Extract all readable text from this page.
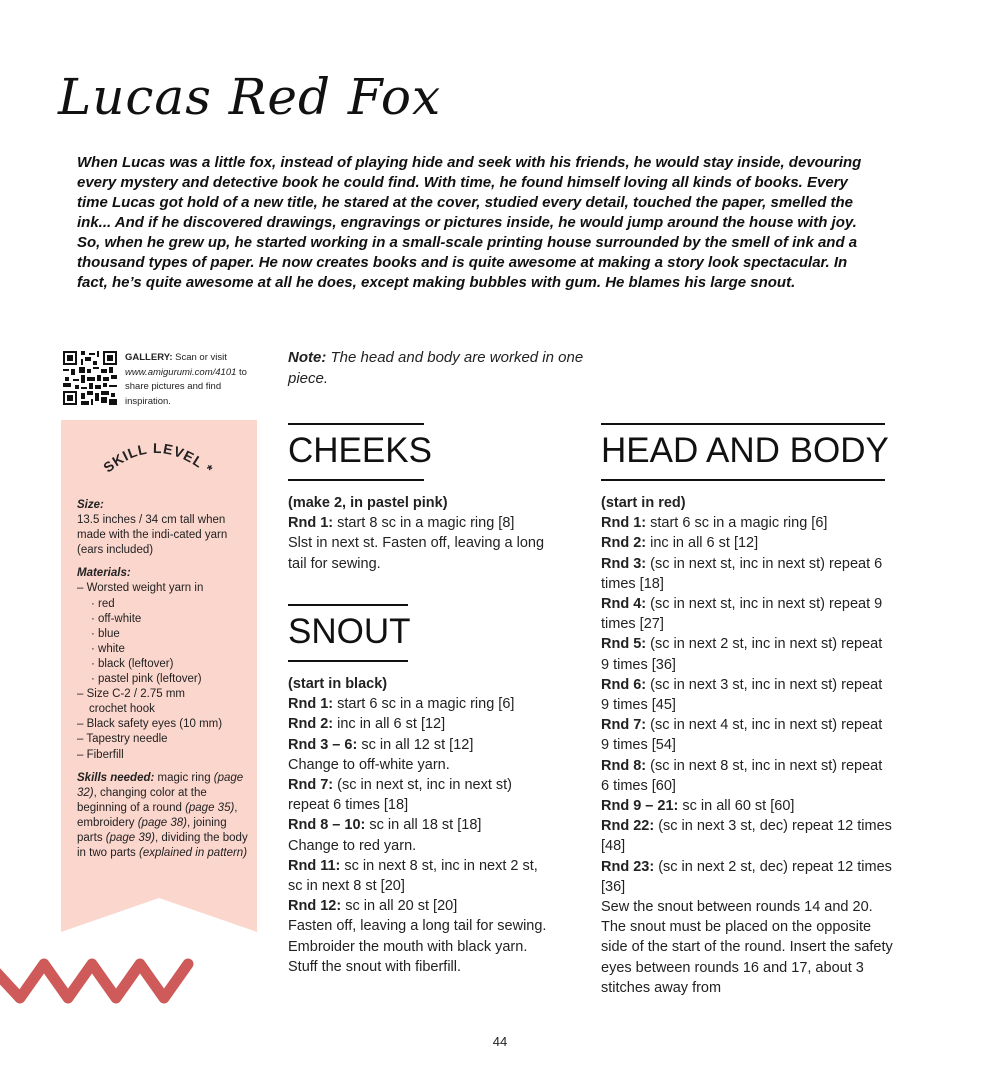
Lucas Red Fox

When Lucas was a little fox, instead of playing hide and seek with his friends, he would stay inside, devouring every mystery and detective book he could find. With time, he found himself loving all kinds of books. Every time Lucas got hold of a new title, he stared at the cover, studied every detail, touched the paper, smelled the ink... And if he discovered drawings, engravings or pictures inside, he would jump around the house with joy. So, when he grew up, he started working in a small-scale printing house surrounded by the smell of ink and a thousand types of paper. He now creates books and is quite awesome at making a story look spectacular. In fact, he’s quite awesome at all he does, except making bubbles with gum. He blames his large snout.

GALLERY: Scan or visit www.amigurumi.com/4101 to share pictures and find inspiration.
SKILL LEVEL *
Size:
13.5 inches / 34 cm tall when made with the indi-cated yarn (ears included)
Materials:
– Worsted weight yarn in
· red
· off-white
· blue
· white
· black (leftover)
· pastel pink (leftover)
– Size C-2 / 2.75 mm
crochet hook
– Black safety eyes (10 mm)
– Tapestry needle
– Fiberfill
Skills needed: magic ring (page 32), changing color at the beginning of a round (page 35), embroidery (page 38), joining parts (page 39), dividing the body in two parts (explained in pattern)
Note: The head and body are worked in one piece.
CHEEKS
(make 2, in pastel pink)
Rnd 1: start 8 sc in a magic ring [8]
Slst in next st. Fasten off, leaving a long tail for sewing.
SNOUT
(start in black)
Rnd 1: start 6 sc in a magic ring [6]
Rnd 2: inc in all 6 st [12]
Rnd 3 – 6: sc in all 12 st [12]
Change to off-white yarn.
Rnd 7: (sc in next st, inc in next st) repeat 6 times [18]
Rnd 8 – 10: sc in all 18 st [18]
Change to red yarn.
Rnd 11: sc in next 8 st, inc in next 2 st, sc in next 8 st [20]
Rnd 12: sc in all 20 st [20]
Fasten off, leaving a long tail for sewing. Embroider the mouth with black yarn. Stuff the snout with fiberfill.
HEAD AND BODY
(start in red)
Rnd 1: start 6 sc in a magic ring [6]
Rnd 2: inc in all 6 st [12]
Rnd 3: (sc in next st, inc in next st) repeat 6 times [18]
Rnd 4: (sc in next st, inc in next st) repeat 9 times [27]
Rnd 5: (sc in next 2 st, inc in next st) repeat 9 times [36]
Rnd 6: (sc in next 3 st, inc in next st) repeat 9 times [45]
Rnd 7: (sc in next 4 st, inc in next st) repeat 9 times [54]
Rnd 8: (sc in next 8 st, inc in next st) repeat 6 times [60]
Rnd 9 – 21: sc in all 60 st [60]
Rnd 22: (sc in next 3 st, dec) repeat 12 times [48]
Rnd 23: (sc in next 2 st, dec) repeat 12 times [36]
Sew the snout between rounds 14 and 20. The snout must be placed on the opposite side of the start of the round. Insert the safety eyes between rounds 16 and 17, about 3 stitches away from
44
